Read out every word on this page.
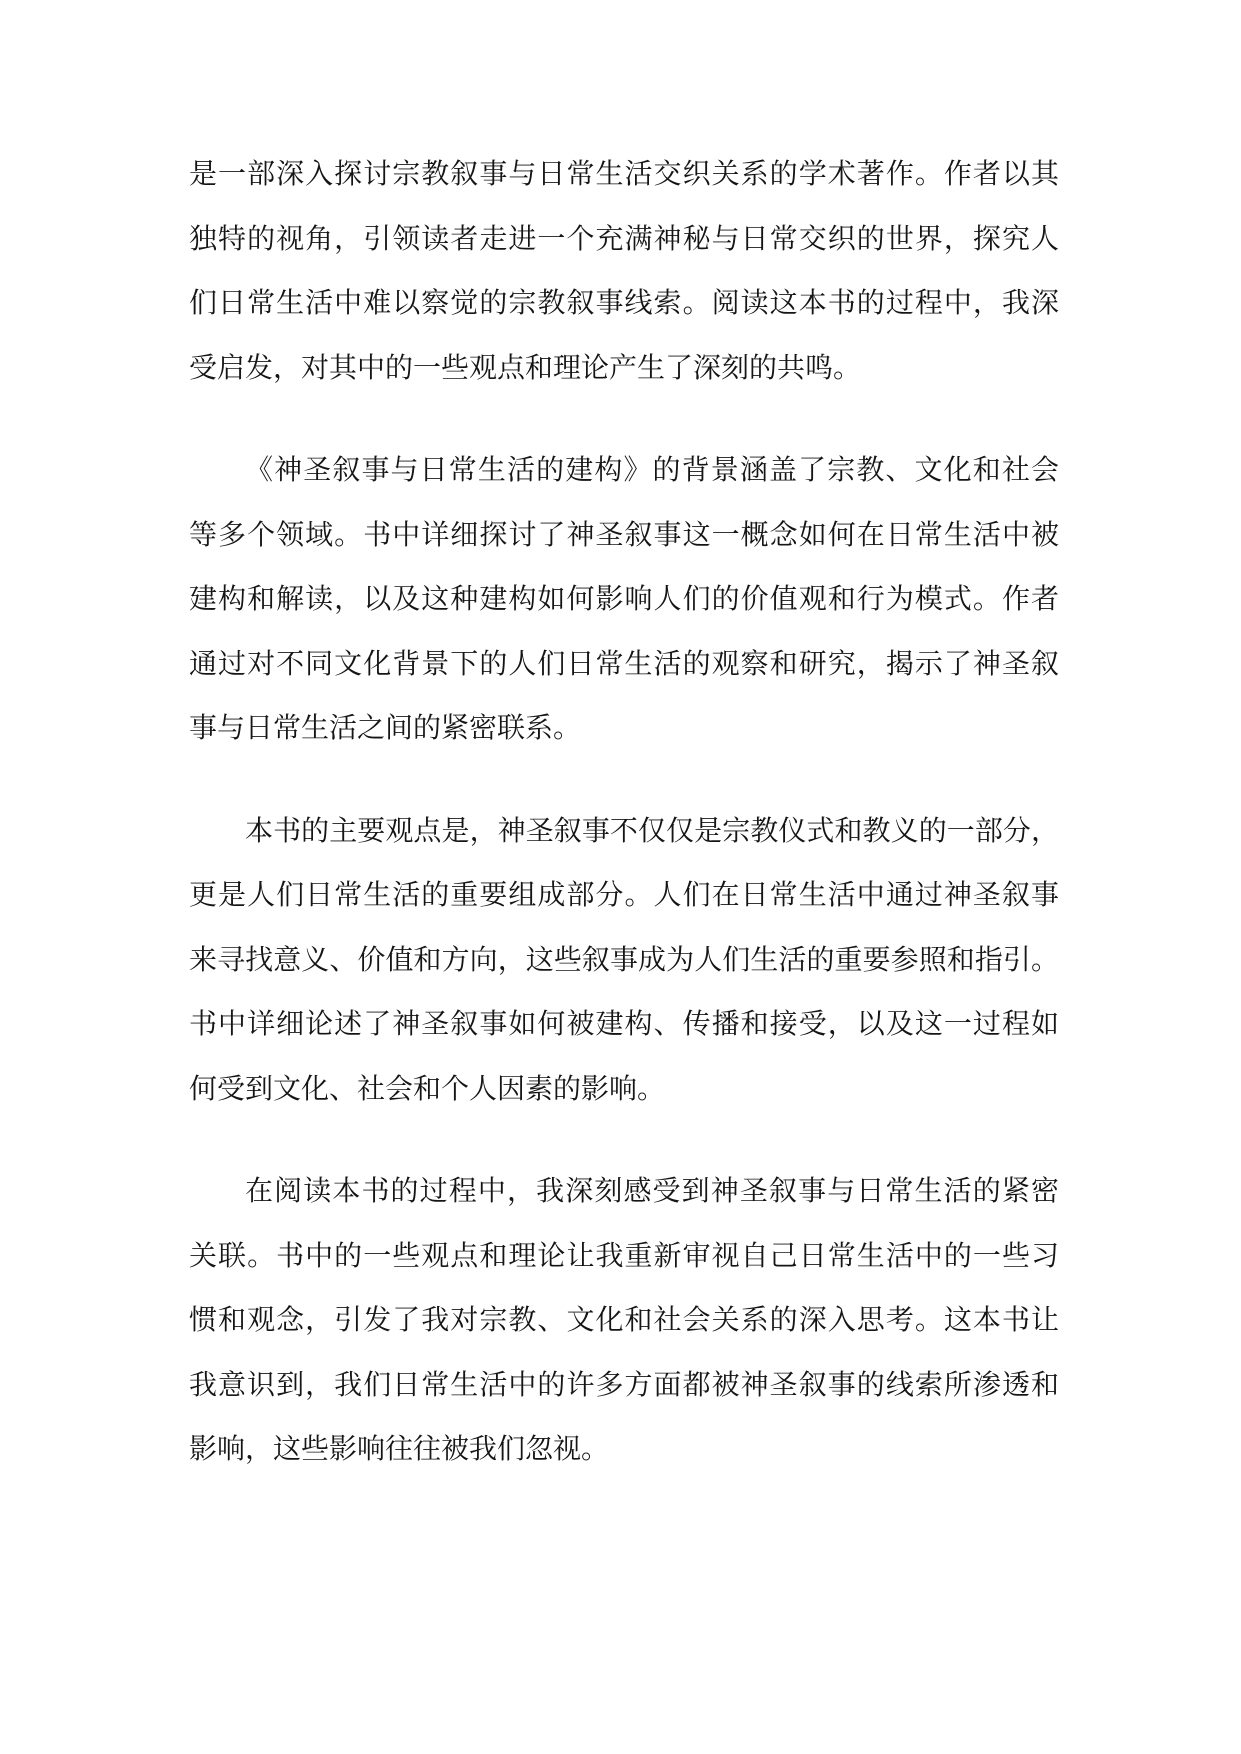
是一部深入探讨宗教叙事与日常生活交织关系的学术著作。作者以其
独特的视角，引领读者走进一个充满神秘与日常交织的世界，探究人
们日常生活中难以察觉的宗教叙事线索。阅读这本书的过程中，我深
受启发，对其中的一些观点和理论产生了深刻的共鸣。
《神圣叙事与日常生活的建构》的背景涵盖了宗教、文化和社会
等多个领域。书中详细探讨了神圣叙事这一概念如何在日常生活中被
建构和解读，以及这种建构如何影响人们的价值观和行为模式。作者
通过对不同文化背景下的人们日常生活的观察和研究，揭示了神圣叙
事与日常生活之间的紧密联系。
本书的主要观点是，神圣叙事不仅仅是宗教仪式和教义的一部分，
更是人们日常生活的重要组成部分。人们在日常生活中通过神圣叙事
来寻找意义、价值和方向，这些叙事成为人们生活的重要参照和指引。
书中详细论述了神圣叙事如何被建构、传播和接受，以及这一过程如
何受到文化、社会和个人因素的影响。
在阅读本书的过程中，我深刻感受到神圣叙事与日常生活的紧密
关联。书中的一些观点和理论让我重新审视自己日常生活中的一些习
惯和观念，引发了我对宗教、文化和社会关系的深入思考。这本书让
我意识到，我们日常生活中的许多方面都被神圣叙事的线索所渗透和
影响，这些影响往往被我们忽视。
